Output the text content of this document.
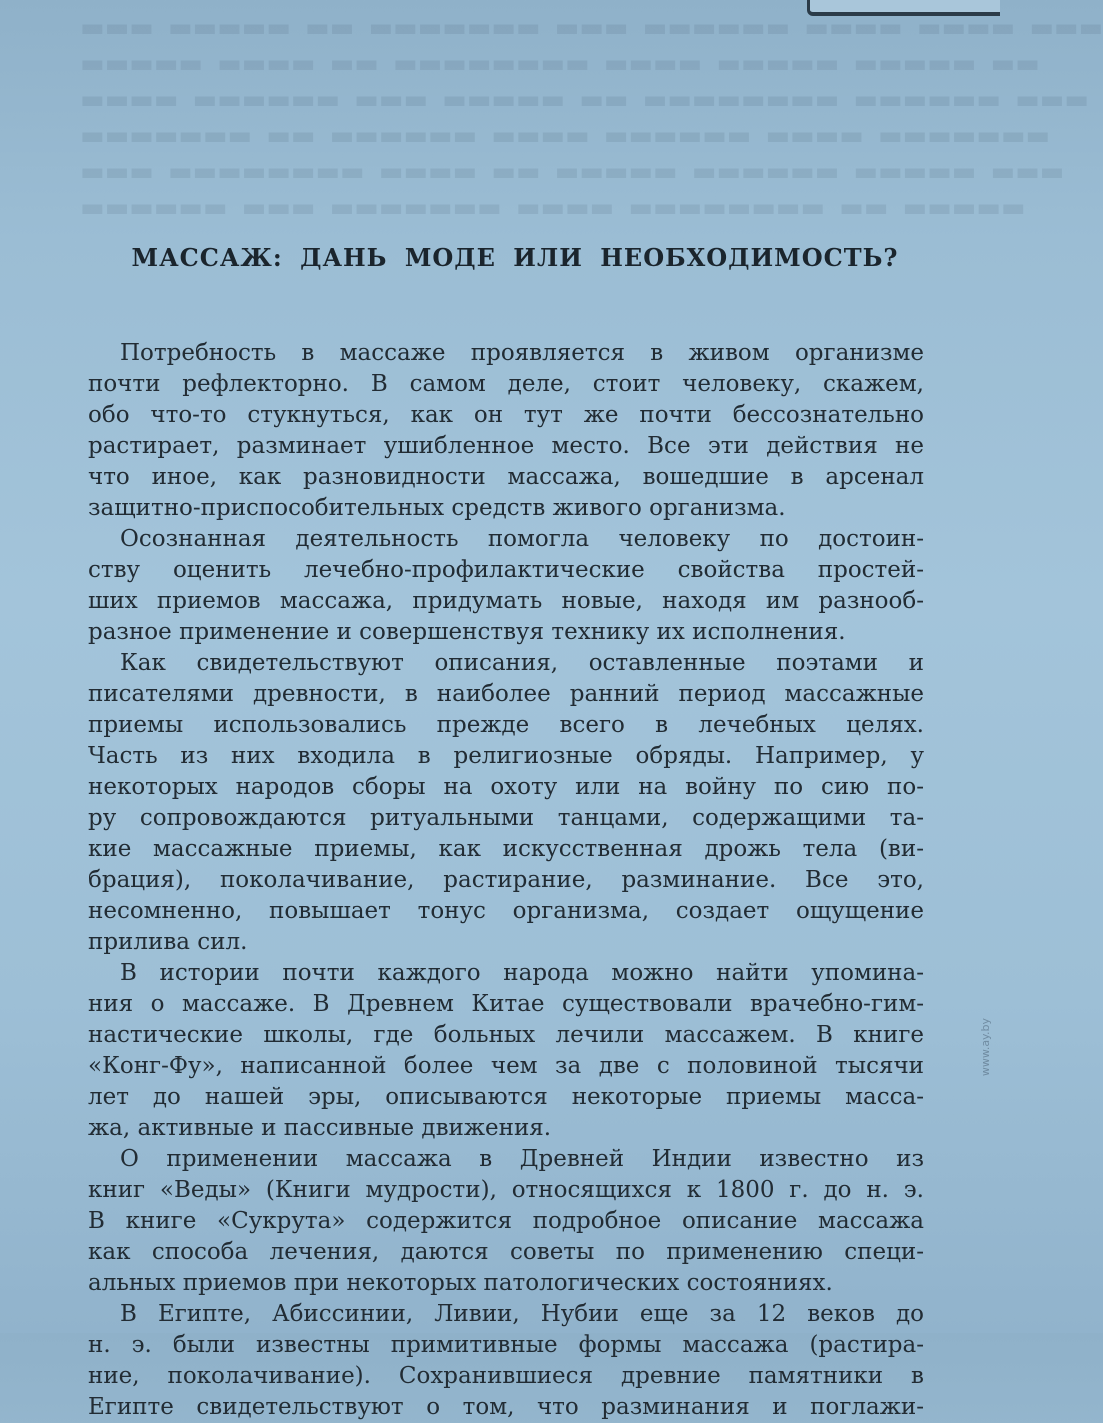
▬▬▬ ▬▬▬▬▬ ▬▬ ▬▬▬▬▬▬▬ ▬▬▬ ▬▬▬▬▬▬ ▬▬▬▬ ▬▬▬▬ ▬▬▬
▬▬▬▬▬ ▬▬▬▬ ▬▬ ▬▬▬▬▬▬▬▬ ▬▬▬▬ ▬▬▬▬▬ ▬▬▬▬▬ ▬▬
▬▬▬▬ ▬▬▬▬▬▬ ▬▬▬ ▬▬▬▬▬ ▬▬ ▬▬▬▬▬▬▬▬ ▬▬▬▬▬▬ ▬▬▬
▬▬▬▬▬▬▬ ▬▬ ▬▬▬▬▬▬ ▬▬▬▬ ▬▬▬▬▬▬ ▬▬▬▬ ▬▬▬▬▬▬▬
▬▬▬ ▬▬▬▬▬▬▬▬ ▬▬▬▬ ▬▬ ▬▬▬▬▬ ▬▬▬▬▬▬ ▬▬▬▬▬ ▬▬▬
▬▬▬▬▬▬ ▬▬▬ ▬▬▬▬▬▬▬ ▬▬▬▬ ▬▬▬▬▬▬▬▬ ▬▬ ▬▬▬▬▬
МАССАЖ: ДАНЬ МОДЕ ИЛИ НЕОБХОДИМОСТЬ?
Потребность в массаже проявляется в живом организме
почти рефлекторно. В самом деле, стоит человеку, скажем,
обо что-то стукнуться, как он тут же почти бессознательно
растирает, разминает ушибленное место. Все эти действия не
что иное, как разновидности массажа, вошедшие в арсенал
защитно-приспособительных средств живого организма.
Осознанная деятельность помогла человеку по достоин-
ству оценить лечебно-профилактические свойства простей-
ших приемов массажа, придумать новые, находя им разнооб-
разное применение и совершенствуя технику их исполнения.
Как свидетельствуют описания, оставленные поэтами и
писателями древности, в наиболее ранний период массажные
приемы использовались прежде всего в лечебных целях.
Часть из них входила в религиозные обряды. Например, у
некоторых народов сборы на охоту или на войну по сию по-
ру сопровождаются ритуальными танцами, содержащими та-
кие массажные приемы, как искусственная дрожь тела (ви-
брация), поколачивание, растирание, разминание. Все это,
несомненно, повышает тонус организма, создает ощущение
прилива сил.
В истории почти каждого народа можно найти упомина-
ния о массаже. В Древнем Китае существовали врачебно-гим-
настические школы, где больных лечили массажем. В книге
«Конг-Фу», написанной более чем за две с половиной тысячи
лет до нашей эры, описываются некоторые приемы масса-
жа, активные и пассивные движения.
О применении массажа в Древней Индии известно из
книг «Веды» (Книги мудрости), относящихся к 1800 г. до н. э.
В книге «Сукрута» содержится подробное описание массажа
как способа лечения, даются советы по применению специ-
альных приемов при некоторых патологических состояниях.
В Египте, Абиссинии, Ливии, Нубии еще за 12 веков до
н. э. были известны примитивные формы массажа (растира-
ние, поколачивание). Сохранившиеся древние памятники в
Египте свидетельствуют о том, что разминания и поглажи-
www.ay.by
